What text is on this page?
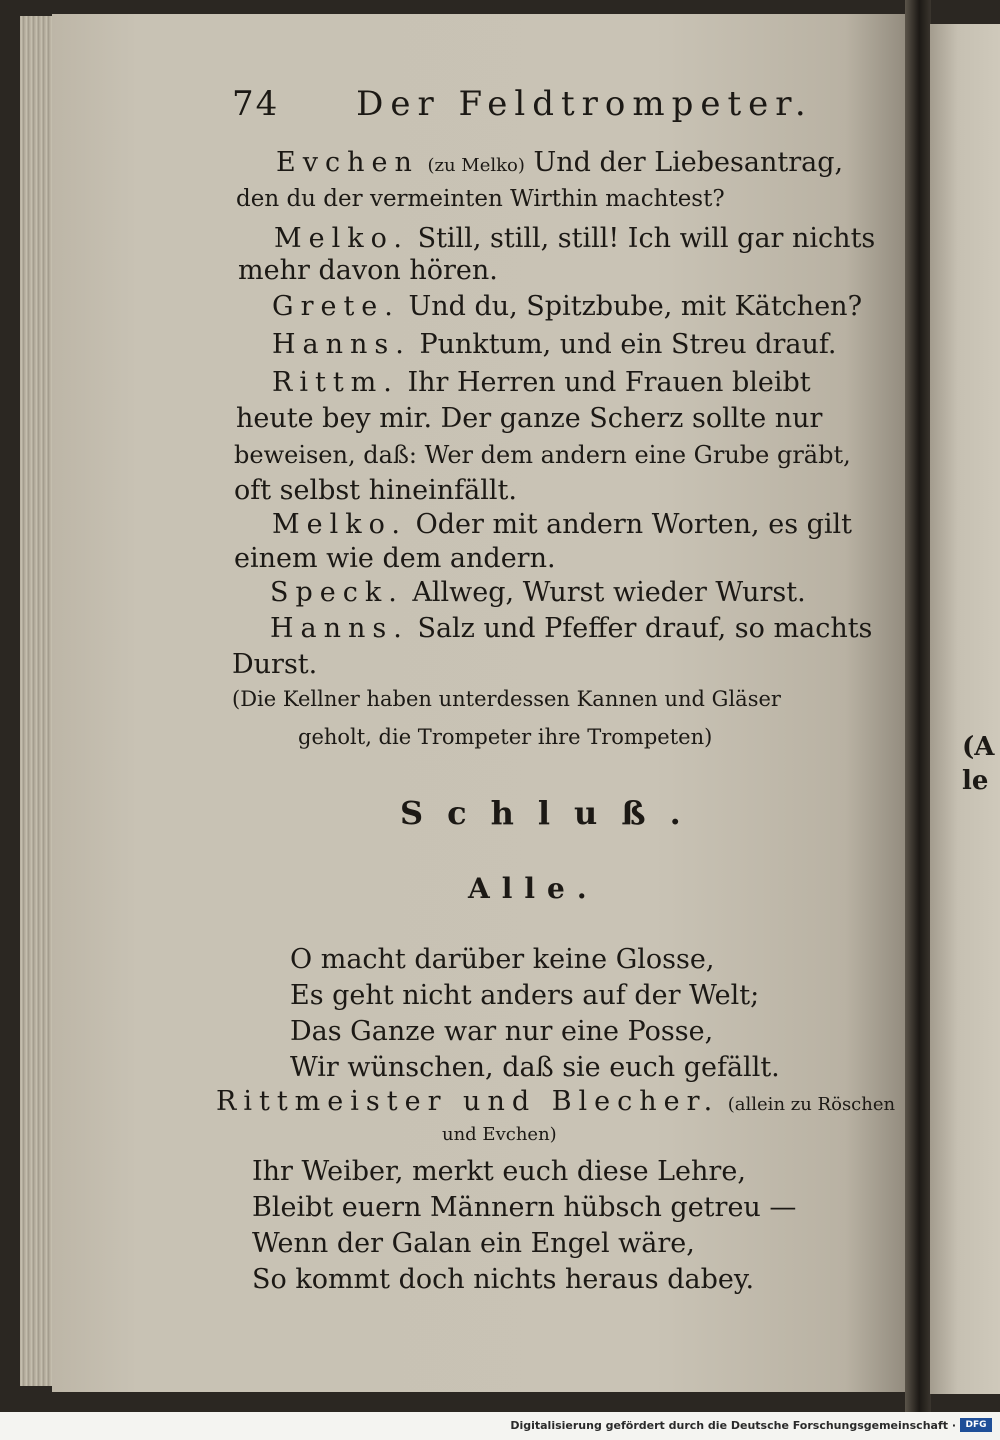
(A
le
74 Der Feldtrompeter.
Evchen (zu Melko) Und der Liebesantrag,
den du der vermeinten Wirthin machtest?
Melko. Still, still, still! Ich will gar nichts
mehr davon hören.
Grete. Und du, Spitzbube, mit Kätchen?
Hanns. Punktum, und ein Streu drauf.
Rittm. Ihr Herren und Frauen bleibt
heute bey mir. Der ganze Scherz sollte nur
beweisen, daß: Wer dem andern eine Grube gräbt,
oft selbst hineinfällt.
Melko. Oder mit andern Worten, es gilt
einem wie dem andern.
Speck. Allweg, Wurst wieder Wurst.
Hanns. Salz und Pfeffer drauf, so machts
Durst.
(Die Kellner haben unterdessen Kannen und Gläser
geholt, die Trompeter ihre Trompeten)
Schluß.
Alle.
O macht darüber keine Glosse,
Es geht nicht anders auf der Welt;
Das Ganze war nur eine Posse,
Wir wünschen, daß sie euch gefällt.
Rittmeister und Blecher. (allein zu Röschen
und Evchen)
Ihr Weiber, merkt euch diese Lehre,
Bleibt euern Männern hübsch getreu —
Wenn der Galan ein Engel wäre,
So kommt doch nichts heraus dabey.
Digitalisierung gefördert durch die Deutsche Forschungsgemeinschaft ·	DFG
